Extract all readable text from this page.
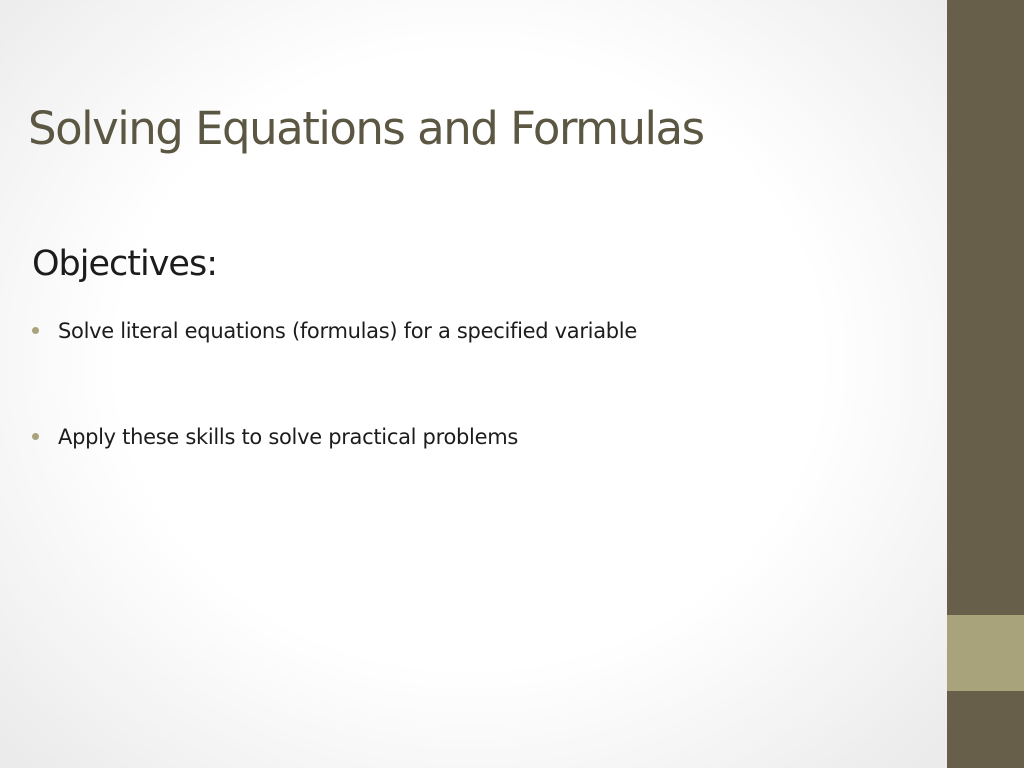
Solving Equations and Formulas
Objectives:
Solve literal equations (formulas) for a specified variable
Apply these skills to solve practical problems
